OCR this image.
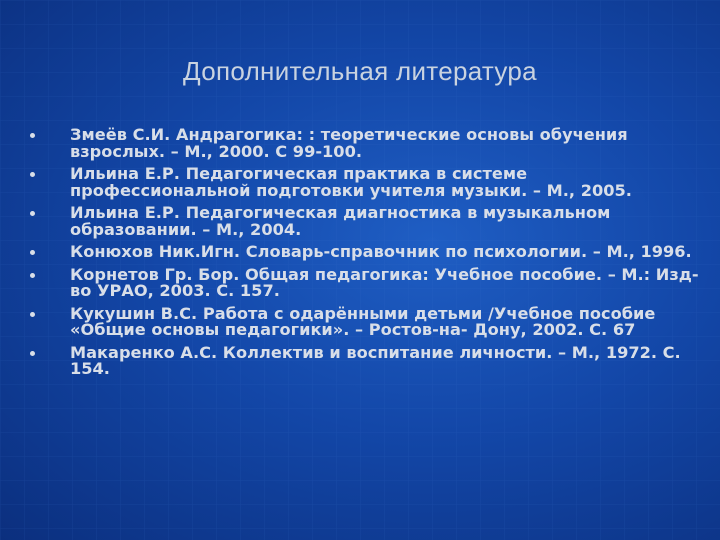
Дополнительная литература
Змеёв С.И. Андрагогика: : теоретические основы обучения взрослых. – М., 2000. С 99-100.
Ильина Е.Р. Педагогическая практика в системе профессиональной подготовки учителя музыки. – М., 2005.
Ильина Е.Р. Педагогическая диагностика в музыкальном образовании. – М., 2004.
Конюхов Ник.Игн. Словарь-справочник по психологии. – М., 1996.
Корнетов Гр. Бор. Общая педагогика: Учебное пособие. – М.: Изд-во УРАО, 2003. С. 157.
Кукушин В.С. Работа с одарёнными детьми /Учебное пособие «Общие основы педагогики». – Ростов-на- Дону, 2002. С. 67
Макаренко А.С. Коллектив и воспитание личности. – М., 1972. С. 154.
